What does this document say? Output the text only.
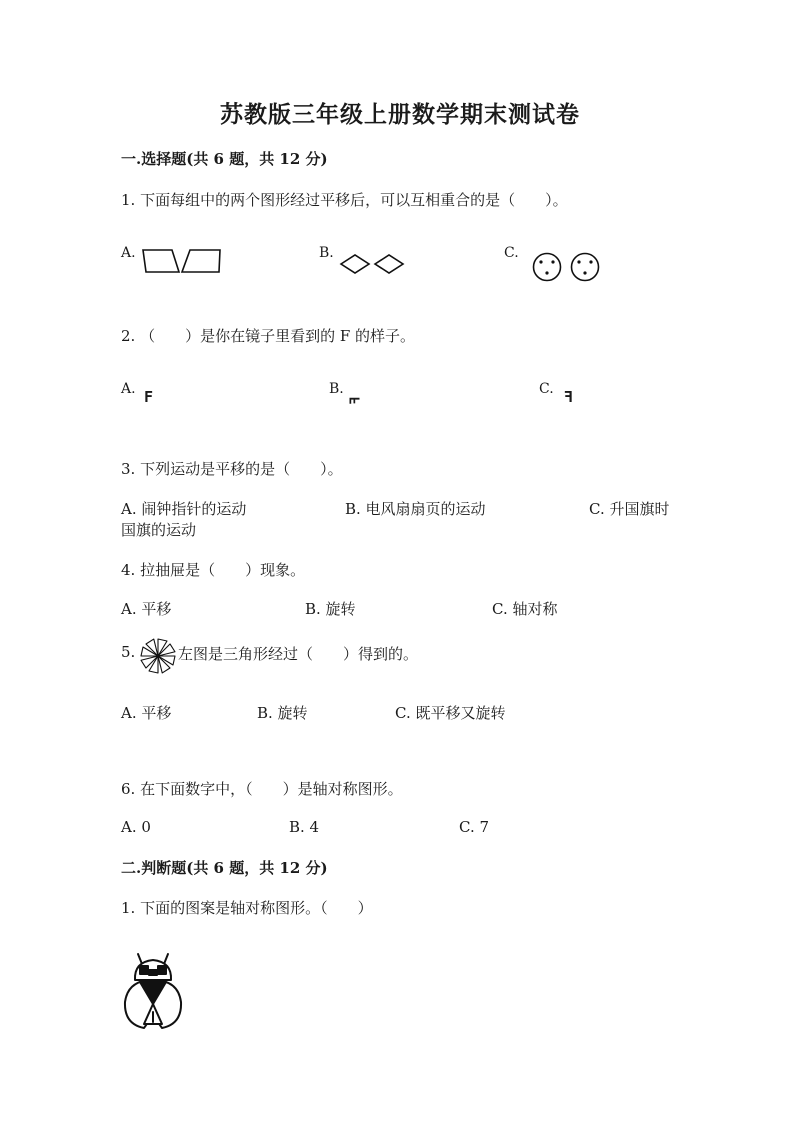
苏教版三年级上册数学期末测试卷
一.选择题(共 6 题，共 12 分)
1. 下面每组中的两个图形经过平移后，可以互相重合的是（　　）。
A.	B.	C.
2. （　　）是你在镜子里看到的 F 的样子。
A. F	B.
F
C. F
3. 下列运动是平移的是（　　）。
A. 闹钟指针的运动	B. 电风扇扇页的运动	C. 升国旗时
国旗的运动
4. 拉抽屉是（　　）现象。
A. 平移	B. 旋转	C. 轴对称
5.	左图是三角形经过（　　）得到的。
A. 平移	B. 旋转	C. 既平移又旋转
6. 在下面数字中，（　　）是轴对称图形。
A. 0	B. 4	C. 7
二.判断题(共 6 题，共 12 分)
1. 下面的图案是轴对称图形。（　　）
